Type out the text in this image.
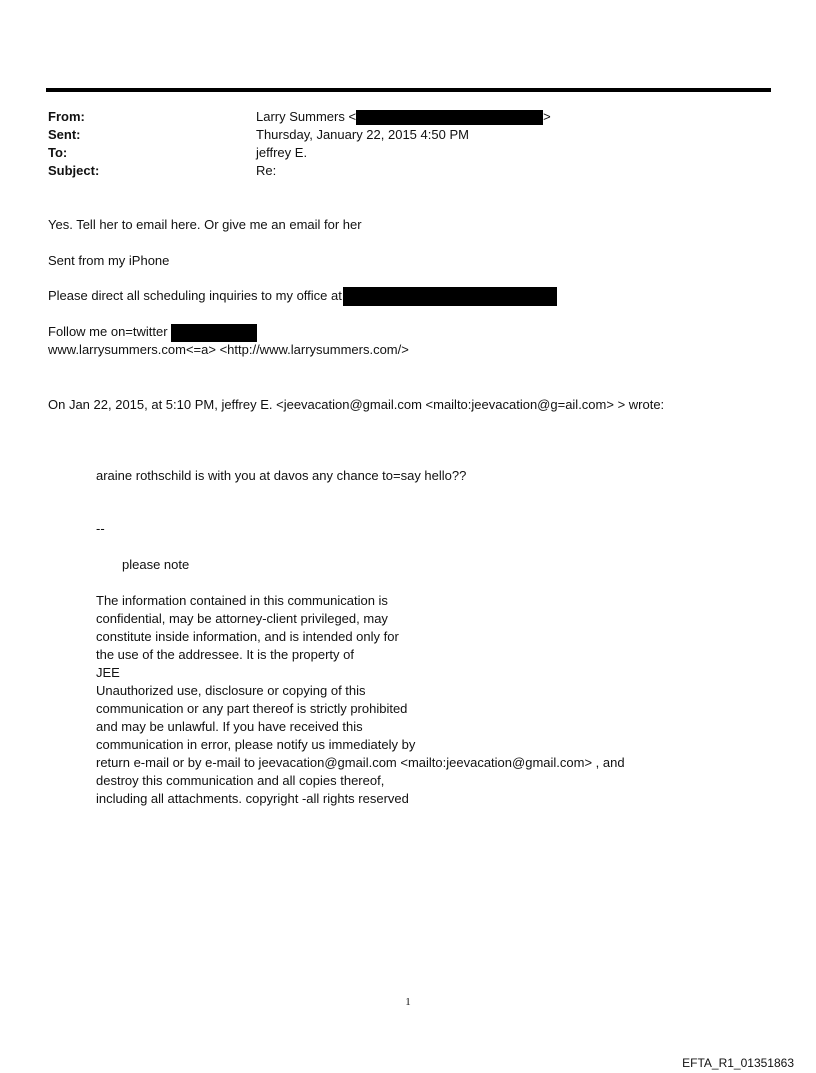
From:	Larry Summers <	>
Sent:	Thursday, January 22, 2015 4:50 PM
To:	jeffrey E.
Subject:	Re:
Yes. Tell her to email here. Or give me an email for her
Sent from my iPhone
Please direct all scheduling inquiries to my office at
Follow me on=twitter
www.larrysummers.com<=a> <http://www.larrysummers.com/>
On Jan 22, 2015, at 5:10 PM, jeffrey E. <jeevacation@gmail.com <mailto:jeevacation@g=ail.com> > wrote:
araine rothschild is with you at davos any chance to=say hello??
--
please note
The information contained in this communication is
confidential, may be attorney-client privileged, may
constitute inside information, and is intended only for
the use of the addressee. It is the property of
JEE
Unauthorized use, disclosure or copying of this
communication or any part thereof is strictly prohibited
and may be unlawful. If you have received this
communication in error, please notify us immediately by
return e-mail or by e-mail to jeevacation@gmail.com <mailto:jeevacation@gmail.com> , and
destroy this communication and all copies thereof,
including all attachments. copyright -all rights reserved
1
EFTA_R1_01351863
